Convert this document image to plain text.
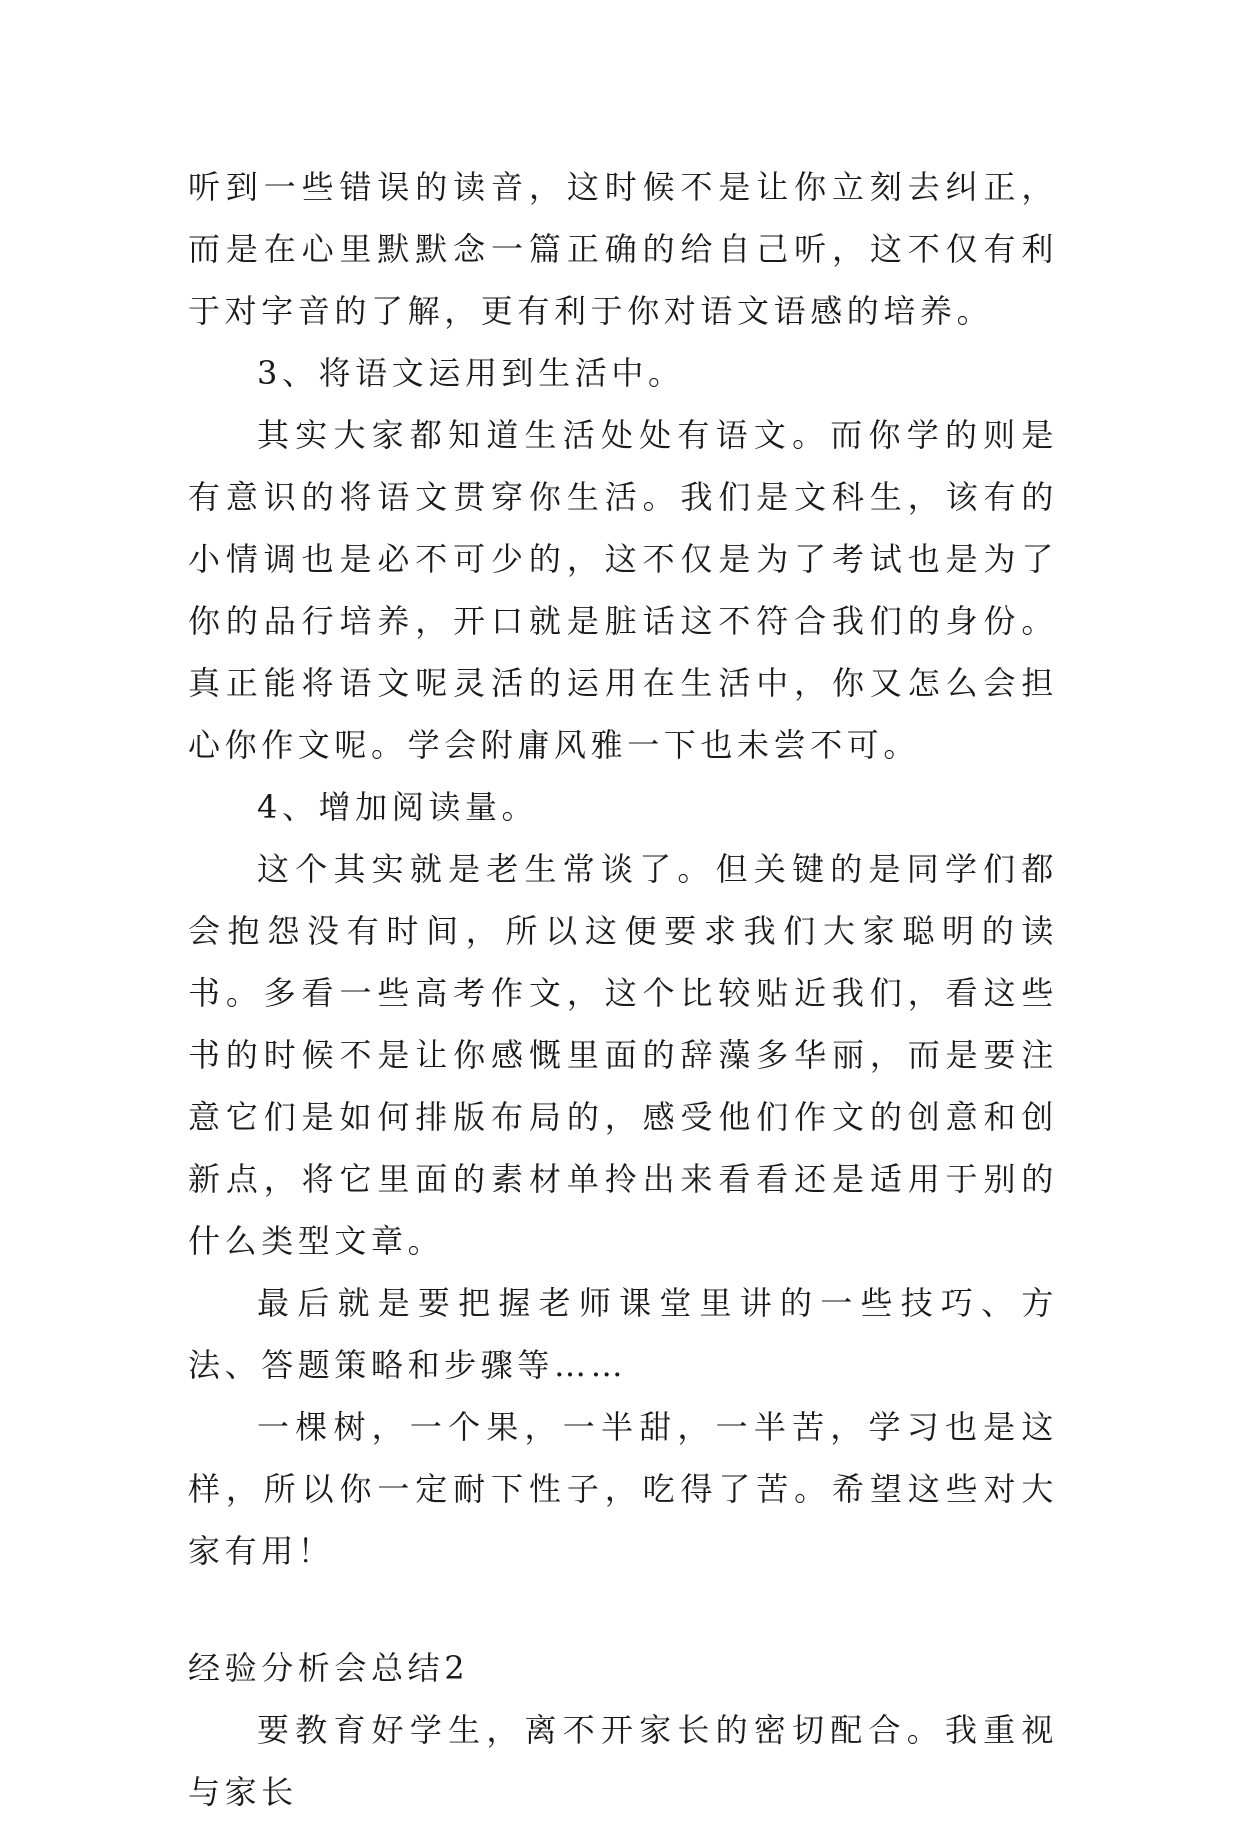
听到一些错误的读音，这时候不是让你立刻去纠正，而是在心里默默念一篇正确的给自己听，这不仅有利于对字音的了解，更有利于你对语文语感的培养。

3、将语文运用到生活中。

其实大家都知道生活处处有语文。而你学的则是有意识的将语文贯穿你生活。我们是文科生，该有的小情调也是必不可少的，这不仅是为了考试也是为了你的品行培养，开口就是脏话这不符合我们的身份。真正能将语文呢灵活的运用在生活中，你又怎么会担心你作文呢。学会附庸风雅一下也未尝不可。

4、增加阅读量。

这个其实就是老生常谈了。但关键的是同学们都会抱怨没有时间，所以这便要求我们大家聪明的读书。多看一些高考作文，这个比较贴近我们，看这些书的时候不是让你感慨里面的辞藻多华丽，而是要注意它们是如何排版布局的，感受他们作文的创意和创新点，将它里面的素材单拎出来看看还是适用于别的什么类型文章。

最后就是要把握老师课堂里讲的一些技巧、方法、答题策略和步骤等……

一棵树，一个果，一半甜，一半苦，学习也是这样，所以你一定耐下性子，吃得了苦。希望这些对大家有用！

经验分析会总结2

要教育好学生，离不开家长的密切配合。我重视与家长
